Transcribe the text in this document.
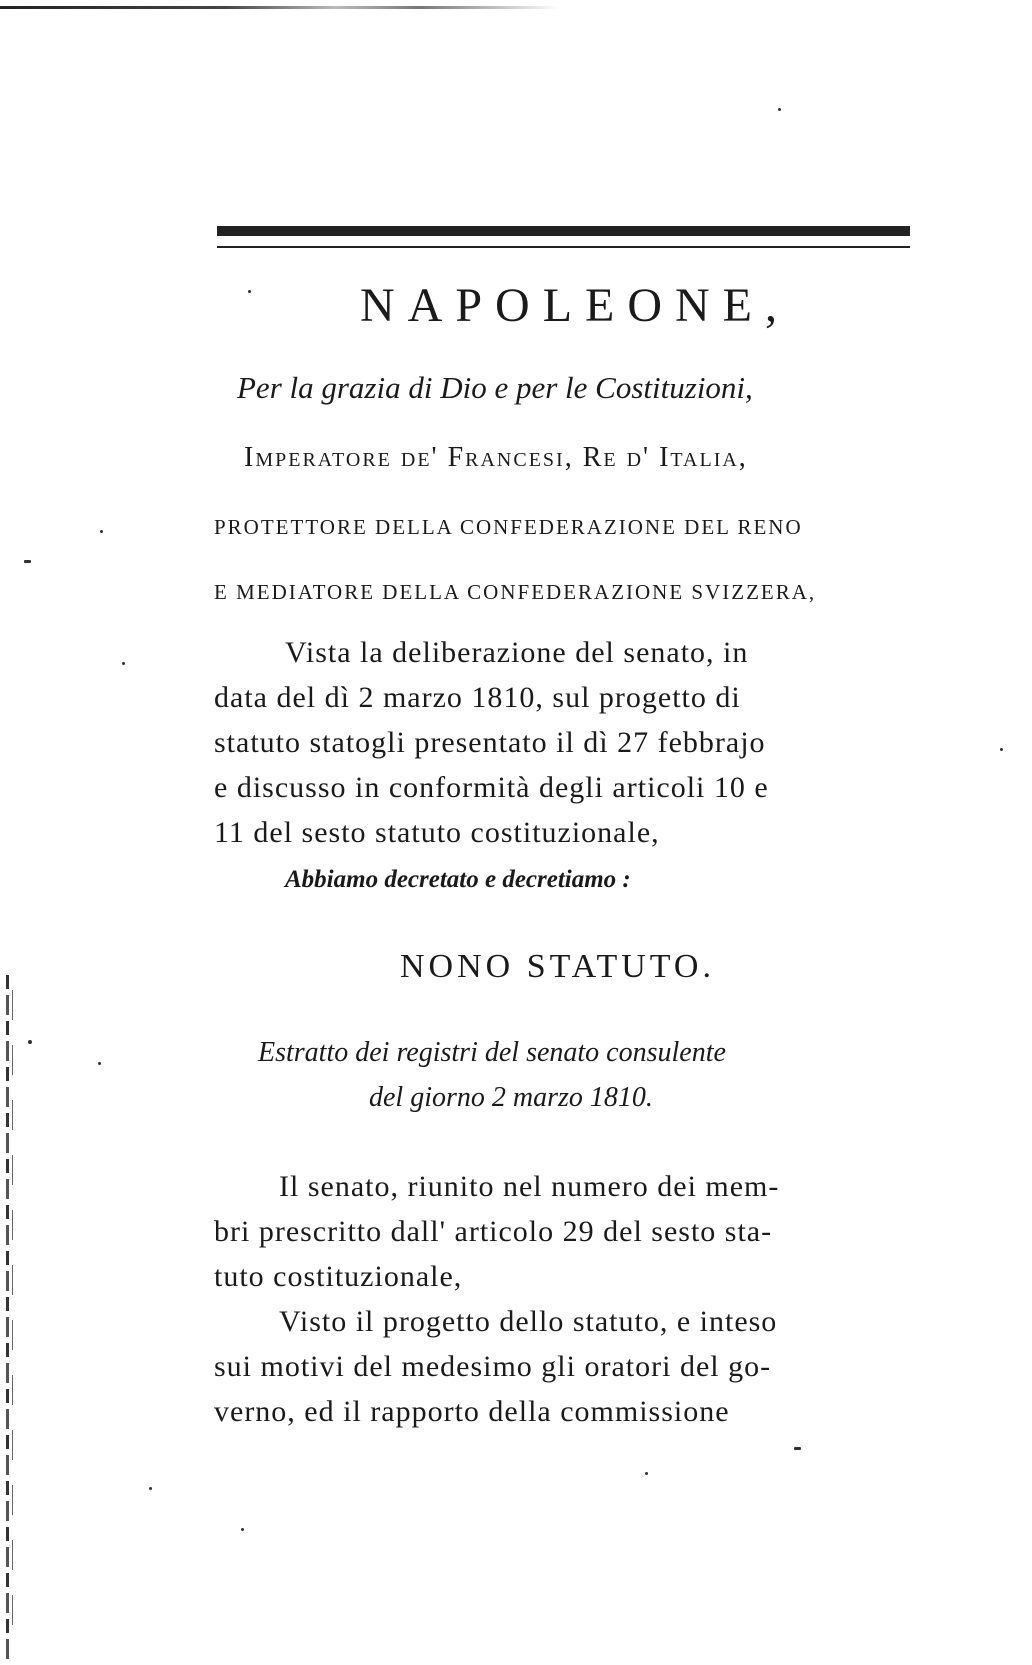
NAPOLEONE,
Per la grazia di Dio e per le Costituzioni,
Imperatore de' Francesi, Re d' Italia,
PROTETTORE DELLA CONFEDERAZIONE DEL RENO
E MEDIATORE DELLA CONFEDERAZIONE SVIZZERA,
Vista la deliberazione del senato, in
data del dì 2 marzo 1810, sul progetto di
statuto statogli presentato il dì 27 febbrajo
e discusso in conformità degli articoli 10 e
11 del sesto statuto costituzionale,
Abbiamo decretato e decretiamo :
NONO STATUTO.
Estratto dei registri del senato consulente
del giorno 2 marzo 1810.
Il senato, riunito nel numero dei mem-
bri prescritto dall' articolo 29 del sesto sta-
tuto costituzionale,
Visto il progetto dello statuto, e inteso
sui motivi del medesimo gli oratori del go-
verno, ed il rapporto della commissione
